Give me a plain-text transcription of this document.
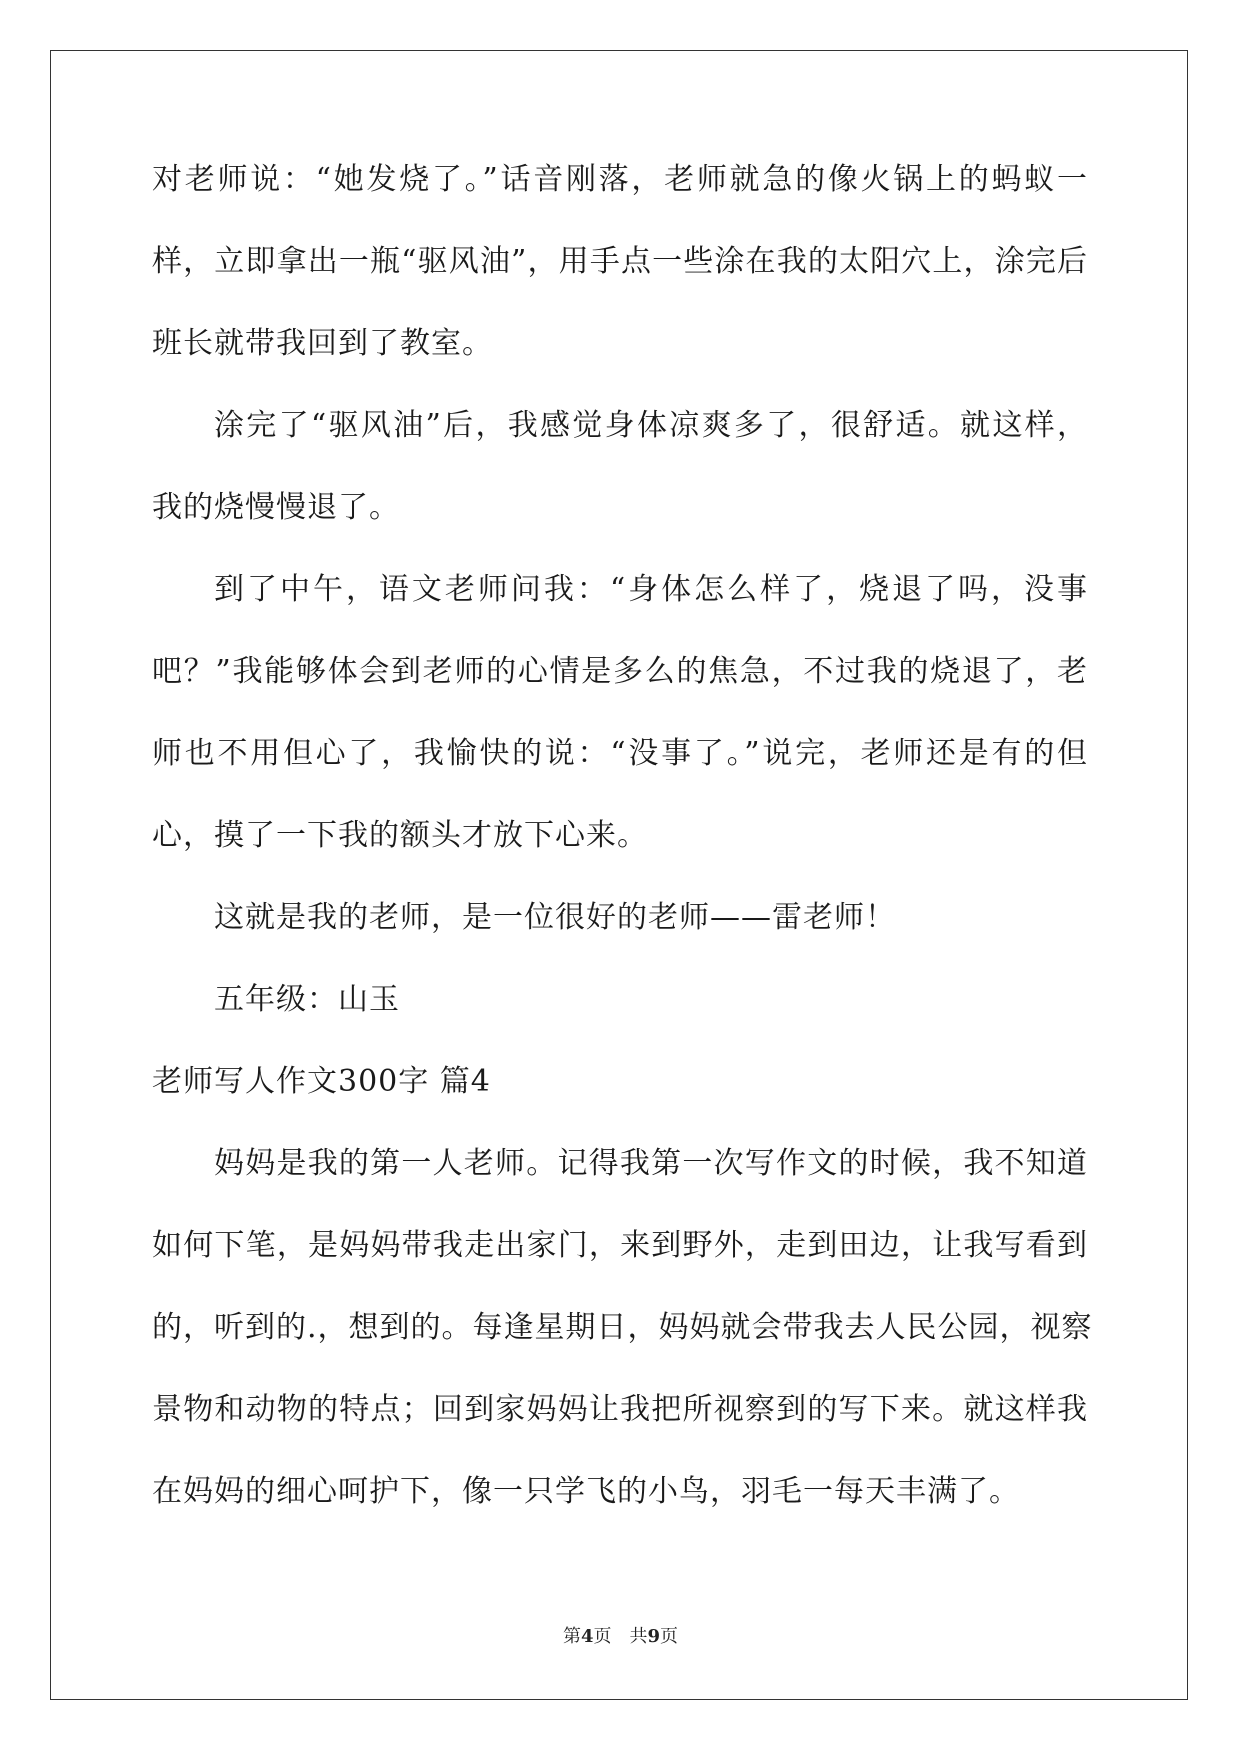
对老师说：“她发烧了。”话音刚落，老师就急的像火锅上的蚂蚁一
样，立即拿出一瓶“驱风油”，用手点一些涂在我的太阳穴上，涂完后
班长就带我回到了教室。
涂完了“驱风油”后，我感觉身体凉爽多了，很舒适。就这样，
我的烧慢慢退了。
到了中午，语文老师问我：“身体怎么样了，烧退了吗，没事
吧？”我能够体会到老师的心情是多么的焦急，不过我的烧退了，老
师也不用但心了，我愉快的说：“没事了。”说完，老师还是有的但
心，摸了一下我的额头才放下心来。
这就是我的老师，是一位很好的老师——雷老师！
五年级：山玉
老师写人作文300字 篇4
妈妈是我的第一人老师。记得我第一次写作文的时候，我不知道
如何下笔，是妈妈带我走出家门，来到野外，走到田边，让我写看到
的，听到的.，想到的。每逢星期日，妈妈就会带我去人民公园，视察
景物和动物的特点；回到家妈妈让我把所视察到的写下来。就这样我
在妈妈的细心呵护下，像一只学飞的小鸟，羽毛一每天丰满了。
第4页　共9页
